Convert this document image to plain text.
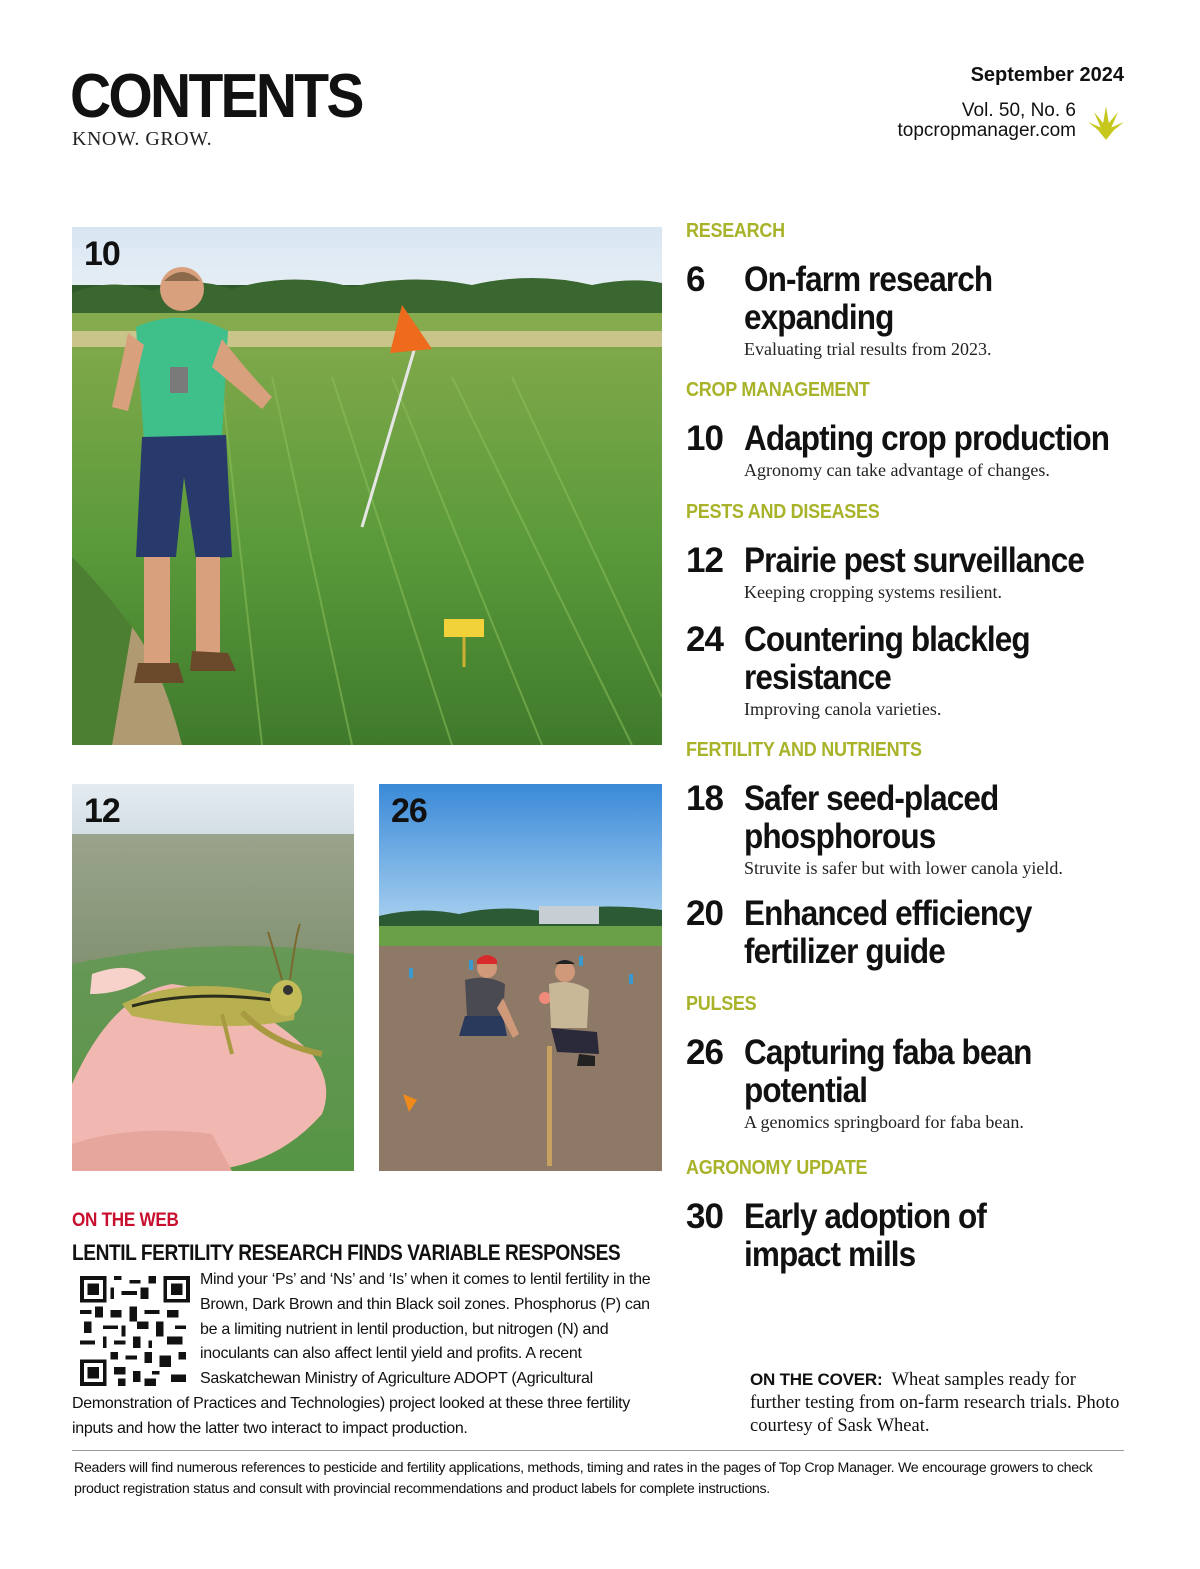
CONTENTS
KNOW. GROW.
September 2024
Vol. 50, No. 6
topcropmanager.com
10
12	26
RESEARCH
6 On-farm research
expanding
Evaluating trial results from 2023.
CROP MANAGEMENT
10 Adapting crop production
Agronomy can take advantage of changes.
PESTS AND DISEASES
12 Prairie pest surveillance
Keeping cropping systems resilient.
24 Countering blackleg
resistance
Improving canola varieties.
FERTILITY AND NUTRIENTS
18 Safer seed-placed
phosphorous
Struvite is safer but with lower canola yield.
20 Enhanced efficiency
fertilizer guide
PULSES
26 Capturing faba bean
potential
A genomics springboard for faba bean.
AGRONOMY UPDATE
30 Early adoption of
impact mills
ON THE WEB
LENTIL FERTILITY RESEARCH FINDS VARIABLE RESPONSES
Mind your ‘Ps’ and ‘Ns’ and ‘Is’ when it comes to lentil fertility in the Brown, Dark Brown and thin Black soil zones. Phosphorus (P) can be a limiting nutrient in lentil production, but nitrogen (N) and inoculants can also affect lentil yield and profits. A recent Saskatchewan Ministry of Agriculture ADOPT (Agricultural Demonstration of Practices and Technologies) project looked at these three fertility inputs and how the latter two interact to impact production.
ON THE COVER:  Wheat samples ready for further testing from on-farm research trials. Photo courtesy of Sask Wheat.
Readers will find numerous references to pesticide and fertility applications, methods, timing and rates in the pages of Top Crop Manager. We encourage growers to check product registration status and consult with provincial recommendations and product labels for complete instructions.
